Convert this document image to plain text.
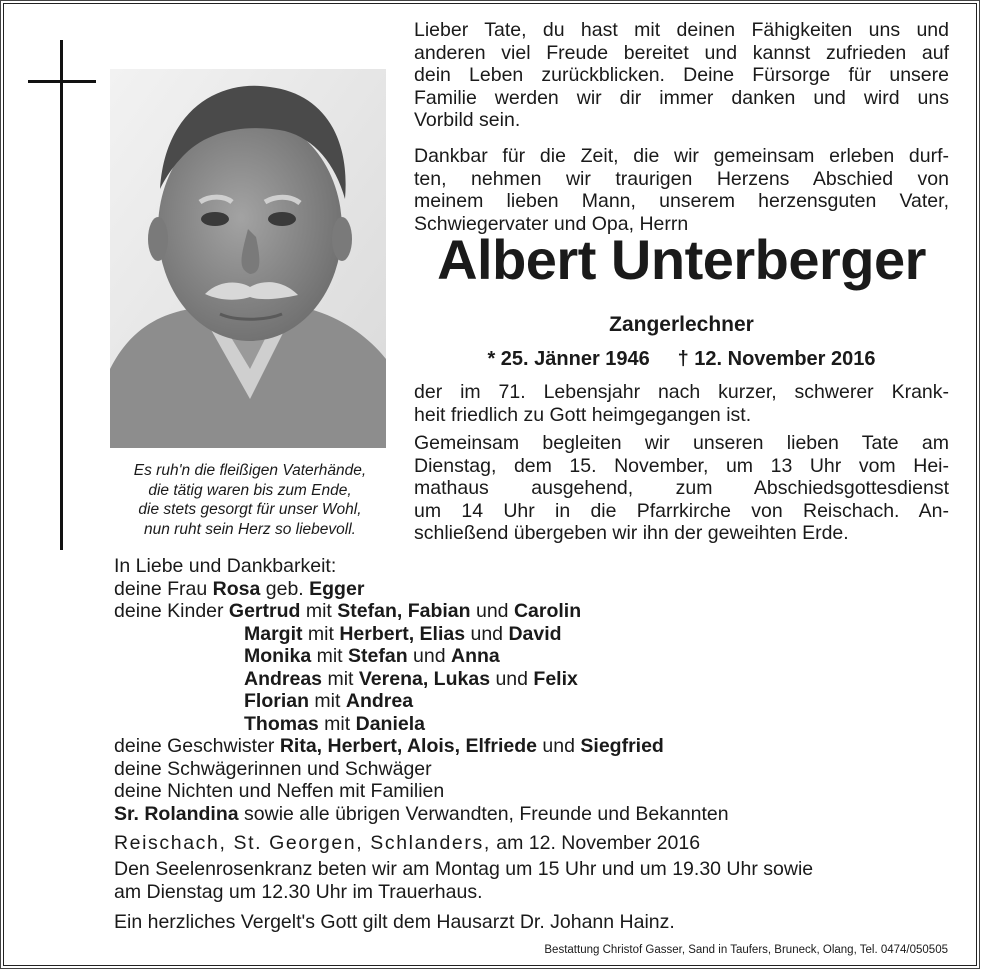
Es ruh'n die fleißigen Vaterhände,
die tätig waren bis zum Ende,
die stets gesorgt für unser Wohl,
nun ruht sein Herz so liebevoll.
Lieber Tate, du hast mit deinen Fähigkeiten uns und
anderen viel Freude bereitet und kannst zufrieden auf
dein Leben zurückblicken. Deine Fürsorge für unsere
Familie werden wir dir immer danken und wird uns
Vorbild sein.
Dankbar für die Zeit, die wir gemeinsam erleben durf-
ten, nehmen wir traurigen Herzens Abschied von
meinem lieben Mann, unserem herzensguten Vater,
Schwiegervater und Opa, Herrn
Albert Unterberger
Zangerlechner
* 25. Jänner 1946 † 12. November 2016
der im 71. Lebensjahr nach kurzer, schwerer Krank-
heit friedlich zu Gott heimgegangen ist.
Gemeinsam begleiten wir unseren lieben Tate am
Dienstag, dem 15. November, um 13 Uhr vom Hei-
mathaus ausgehend, zum Abschiedsgottesdienst
um 14 Uhr in die Pfarrkirche von Reischach. An-
schließend übergeben wir ihn der geweihten Erde.
In Liebe und Dankbarkeit:
deine Frau Rosa geb. Egger
deine Kinder Gertrud mit Stefan, Fabian und Carolin
Margit mit Herbert, Elias und David
Monika mit Stefan und Anna
Andreas mit Verena, Lukas und Felix
Florian mit Andrea
Thomas mit Daniela
deine Geschwister Rita, Herbert, Alois, Elfriede und Siegfried
deine Schwägerinnen und Schwäger
deine Nichten und Neffen mit Familien
Sr. Rolandina sowie alle übrigen Verwandten, Freunde und Bekannten
Reischach, St. Georgen, Schlanders, am 12. November 2016
Den Seelenrosenkranz beten wir am Montag um 15 Uhr und um 19.30 Uhr sowie
am Dienstag um 12.30 Uhr im Trauerhaus.
Ein herzliches Vergelt's Gott gilt dem Hausarzt Dr. Johann Hainz.
Bestattung Christof Gasser, Sand in Taufers, Bruneck, Olang, Tel. 0474/050505
